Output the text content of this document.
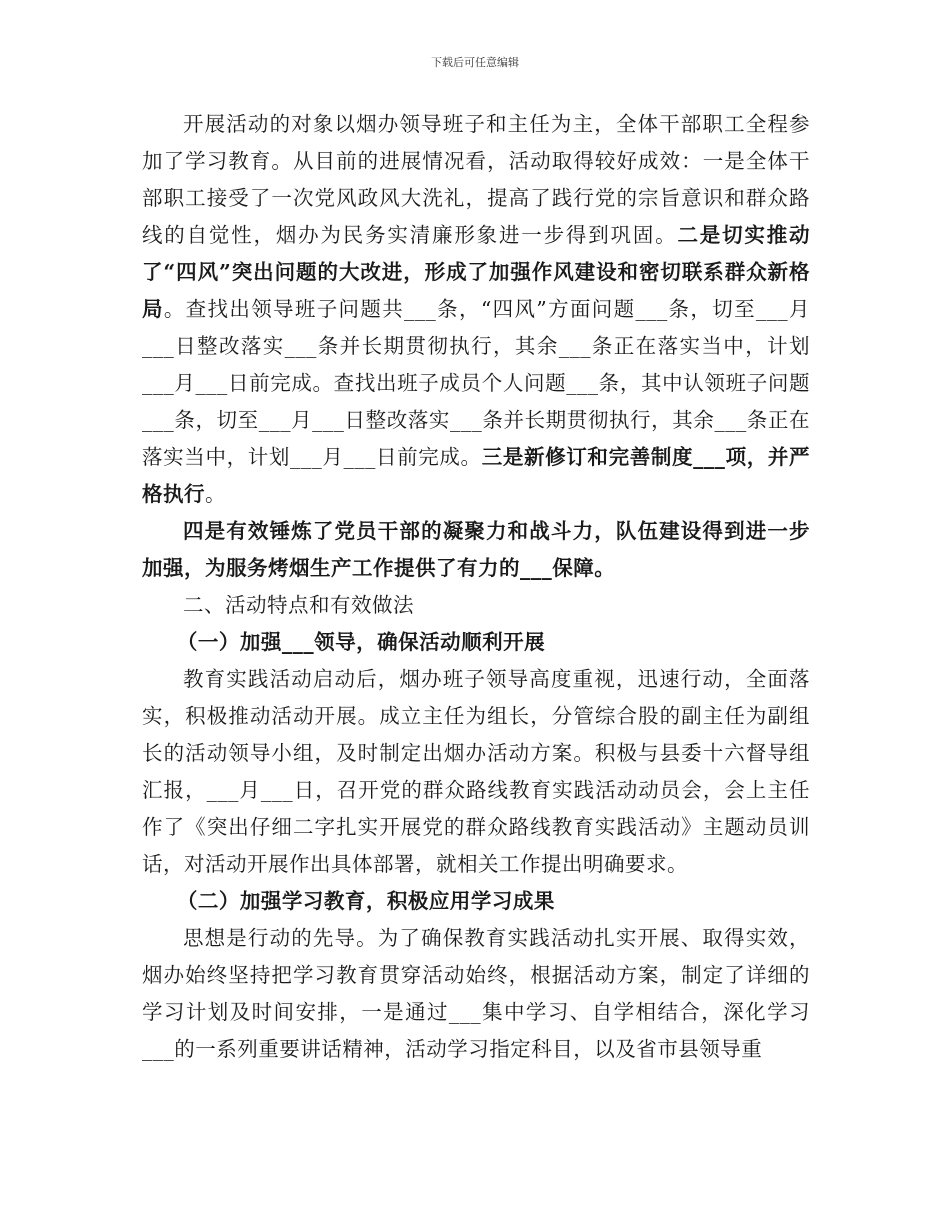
下载后可任意编辑

开展活动的对象以烟办领导班子和主任为主，全体干部职工全程参加了学习教育。从目前的进展情况看，活动取得较好成效：一是全体干部职工接受了一次党风政风大洗礼，提高了践行党的宗旨意识和群众路线的自觉性，烟办为民务实清廉形象进一步得到巩固。二是切实推动了“四风”突出问题的大改进，形成了加强作风建设和密切联系群众新格局。查找出领导班子问题共___条，“四风”方面问题___条，切至___月___日整改落实___条并长期贯彻执行，其余___条正在落实当中，计划___月___日前完成。查找出班子成员个人问题___条，其中认领班子问题___条，切至___月___日整改落实___条并长期贯彻执行，其余___条正在落实当中，计划___月___日前完成。三是新修订和完善制度___项，并严格执行。

四是有效锤炼了党员干部的凝聚力和战斗力，队伍建设得到进一步加强，为服务烤烟生产工作提供了有力的___保障。

二、活动特点和有效做法

（一）加强___领导，确保活动顺利开展

教育实践活动启动后，烟办班子领导高度重视，迅速行动，全面落实，积极推动活动开展。成立主任为组长，分管综合股的副主任为副组长的活动领导小组，及时制定出烟办活动方案。积极与县委十六督导组汇报，___月___日，召开党的群众路线教育实践活动动员会，会上主任作了《突出仔细二字扎实开展党的群众路线教育实践活动》主题动员训话，对活动开展作出具体部署，就相关工作提出明确要求。

（二）加强学习教育，积极应用学习成果

思想是行动的先导。为了确保教育实践活动扎实开展、取得实效，烟办始终坚持把学习教育贯穿活动始终，根据活动方案，制定了详细的学习计划及时间安排，一是通过___集中学习、自学相结合，深化学习___的一系列重要讲话精神，活动学习指定科目，以及省市县领导重
